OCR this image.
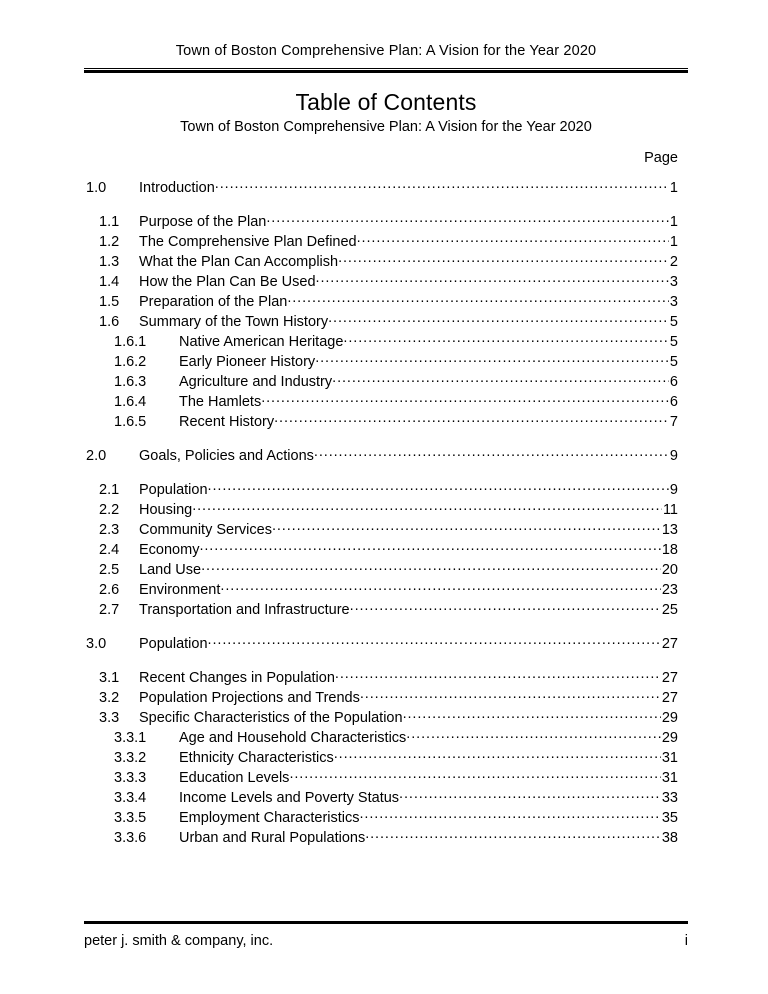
Town of Boston Comprehensive Plan: A Vision for the Year 2020
Table of Contents
Town of Boston Comprehensive Plan: A Vision for the Year 2020
Page
1.0	Introduction .....	1
1.1	Purpose of the Plan .....	1
1.2	The Comprehensive Plan Defined .....	1
1.3	What the Plan Can Accomplish .....	2
1.4	How the Plan Can Be Used .....	3
1.5	Preparation of the Plan .....	3
1.6	Summary of the Town History .....	5
1.6.1	Native American Heritage .....	5
1.6.2	Early Pioneer History .....	5
1.6.3	Agriculture and Industry .....	6
1.6.4	The Hamlets .....	6
1.6.5	Recent History .....	7
2.0	Goals, Policies and Actions .....	9
2.1	Population .....	9
2.2	Housing .....	11
2.3	Community Services .....	13
2.4	Economy .....	18
2.5	Land Use .....	20
2.6	Environment .....	23
2.7	Transportation and Infrastructure .....	25
3.0	Population .....	27
3.1	Recent Changes in Population .....	27
3.2	Population Projections and Trends .....	27
3.3	Specific Characteristics of the Population .....	29
3.3.1	Age and Household Characteristics .....	29
3.3.2	Ethnicity Characteristics .....	31
3.3.3	Education Levels .....	31
3.3.4	Income Levels and Poverty Status .....	33
3.3.5	Employment Characteristics .....	35
3.3.6	Urban and Rural Populations .....	38
peter j. smith & company, inc.	i
